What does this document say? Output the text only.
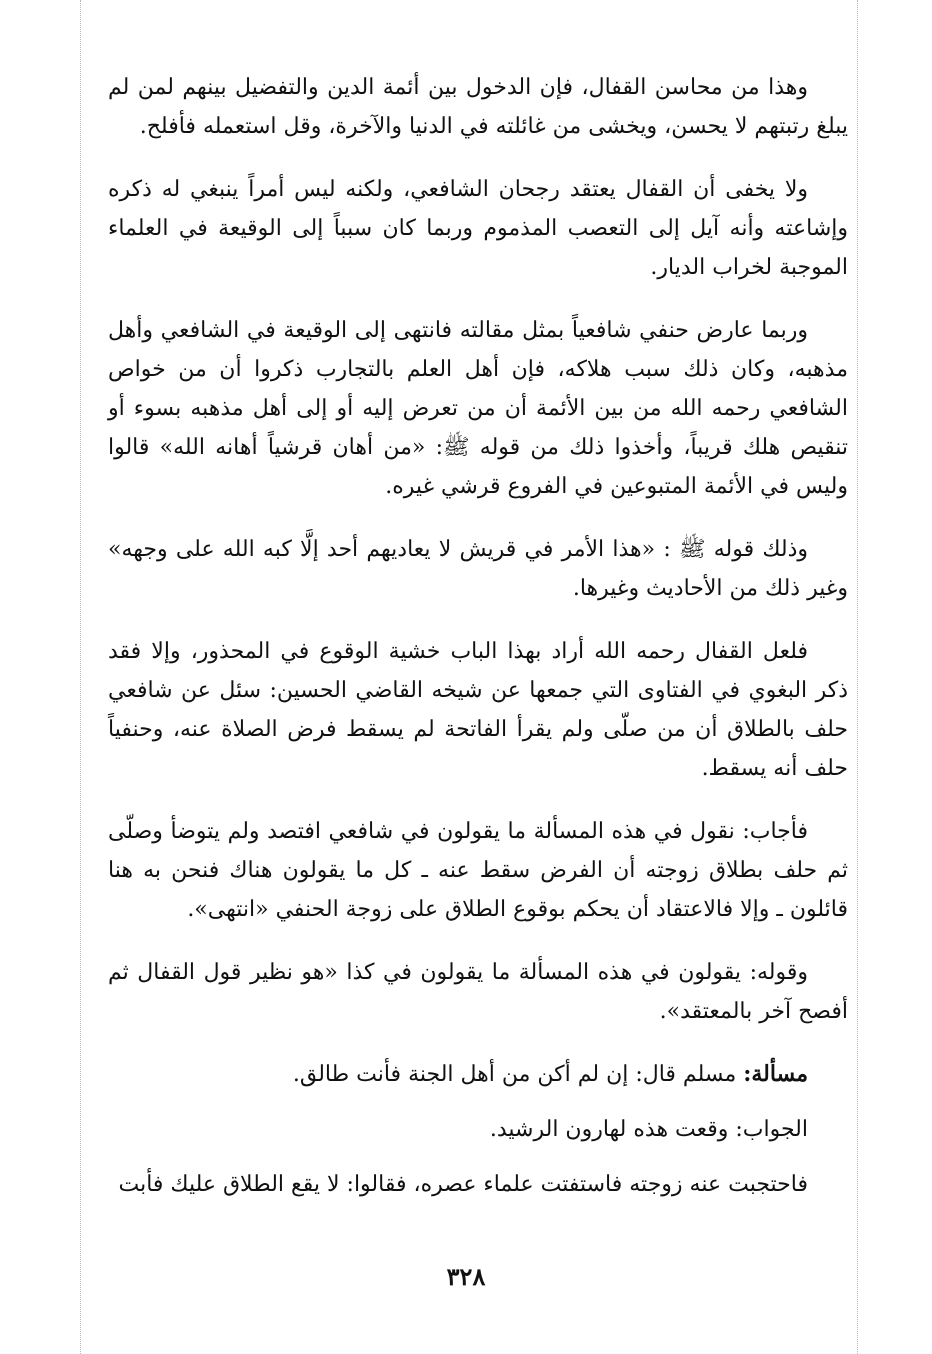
وهذا من محاسن القفال، فإن الدخول بين أئمة الدين والتفضيل بينهم لمن لم يبلغ رتبتهم لا يحسن، ويخشى من غائلته في الدنيا والآخرة، وقل استعمله فأفلح.

ولا يخفى أن القفال يعتقد رجحان الشافعي، ولكنه ليس أمراً ينبغي له ذكره وإشاعته وأنه آيل إلى التعصب المذموم وربما كان سبباً إلى الوقيعة في العلماء الموجبة لخراب الديار.

وربما عارض حنفي شافعياً بمثل مقالته فانتهى إلى الوقيعة في الشافعي وأهل مذهبه، وكان ذلك سبب هلاكه، فإن أهل العلم بالتجارب ذكروا أن من خواص الشافعي رحمه الله من بين الأئمة أن من تعرض إليه أو إلى أهل مذهبه بسوء أو تنقيص هلك قريباً، وأخذوا ذلك من قوله ﷺ: «من أهان قرشياً أهانه الله» قالوا وليس في الأئمة المتبوعين في الفروع قرشي غيره.

وذلك قوله ﷺ : «هذا الأمر في قريش لا يعاديهم أحد إلَّا كبه الله على وجهه» وغير ذلك من الأحاديث وغيرها.

فلعل القفال رحمه الله أراد بهذا الباب خشية الوقوع في المحذور، وإلا فقد ذكر البغوي في الفتاوى التي جمعها عن شيخه القاضي الحسين: سئل عن شافعي حلف بالطلاق أن من صلّى ولم يقرأ الفاتحة لم يسقط فرض الصلاة عنه، وحنفياً حلف أنه يسقط.

فأجاب: نقول في هذه المسألة ما يقولون في شافعي افتصد ولم يتوضأ وصلّى ثم حلف بطلاق زوجته أن الفرض سقط عنه ـ كل ما يقولون هناك فنحن به هنا قائلون ـ وإلا فالاعتقاد أن يحكم بوقوع الطلاق على زوجة الحنفي «انتهى».

وقوله: يقولون في هذه المسألة ما يقولون في كذا «هو نظير قول القفال ثم أفصح آخر بالمعتقد».

مسألة: مسلم قال: إن لم أكن من أهل الجنة فأنت طالق.

الجواب: وقعت هذه لهارون الرشيد.

فاحتجبت عنه زوجته فاستفتت علماء عصره، فقالوا: لا يقع الطلاق عليك فأبت

٣٢٨
